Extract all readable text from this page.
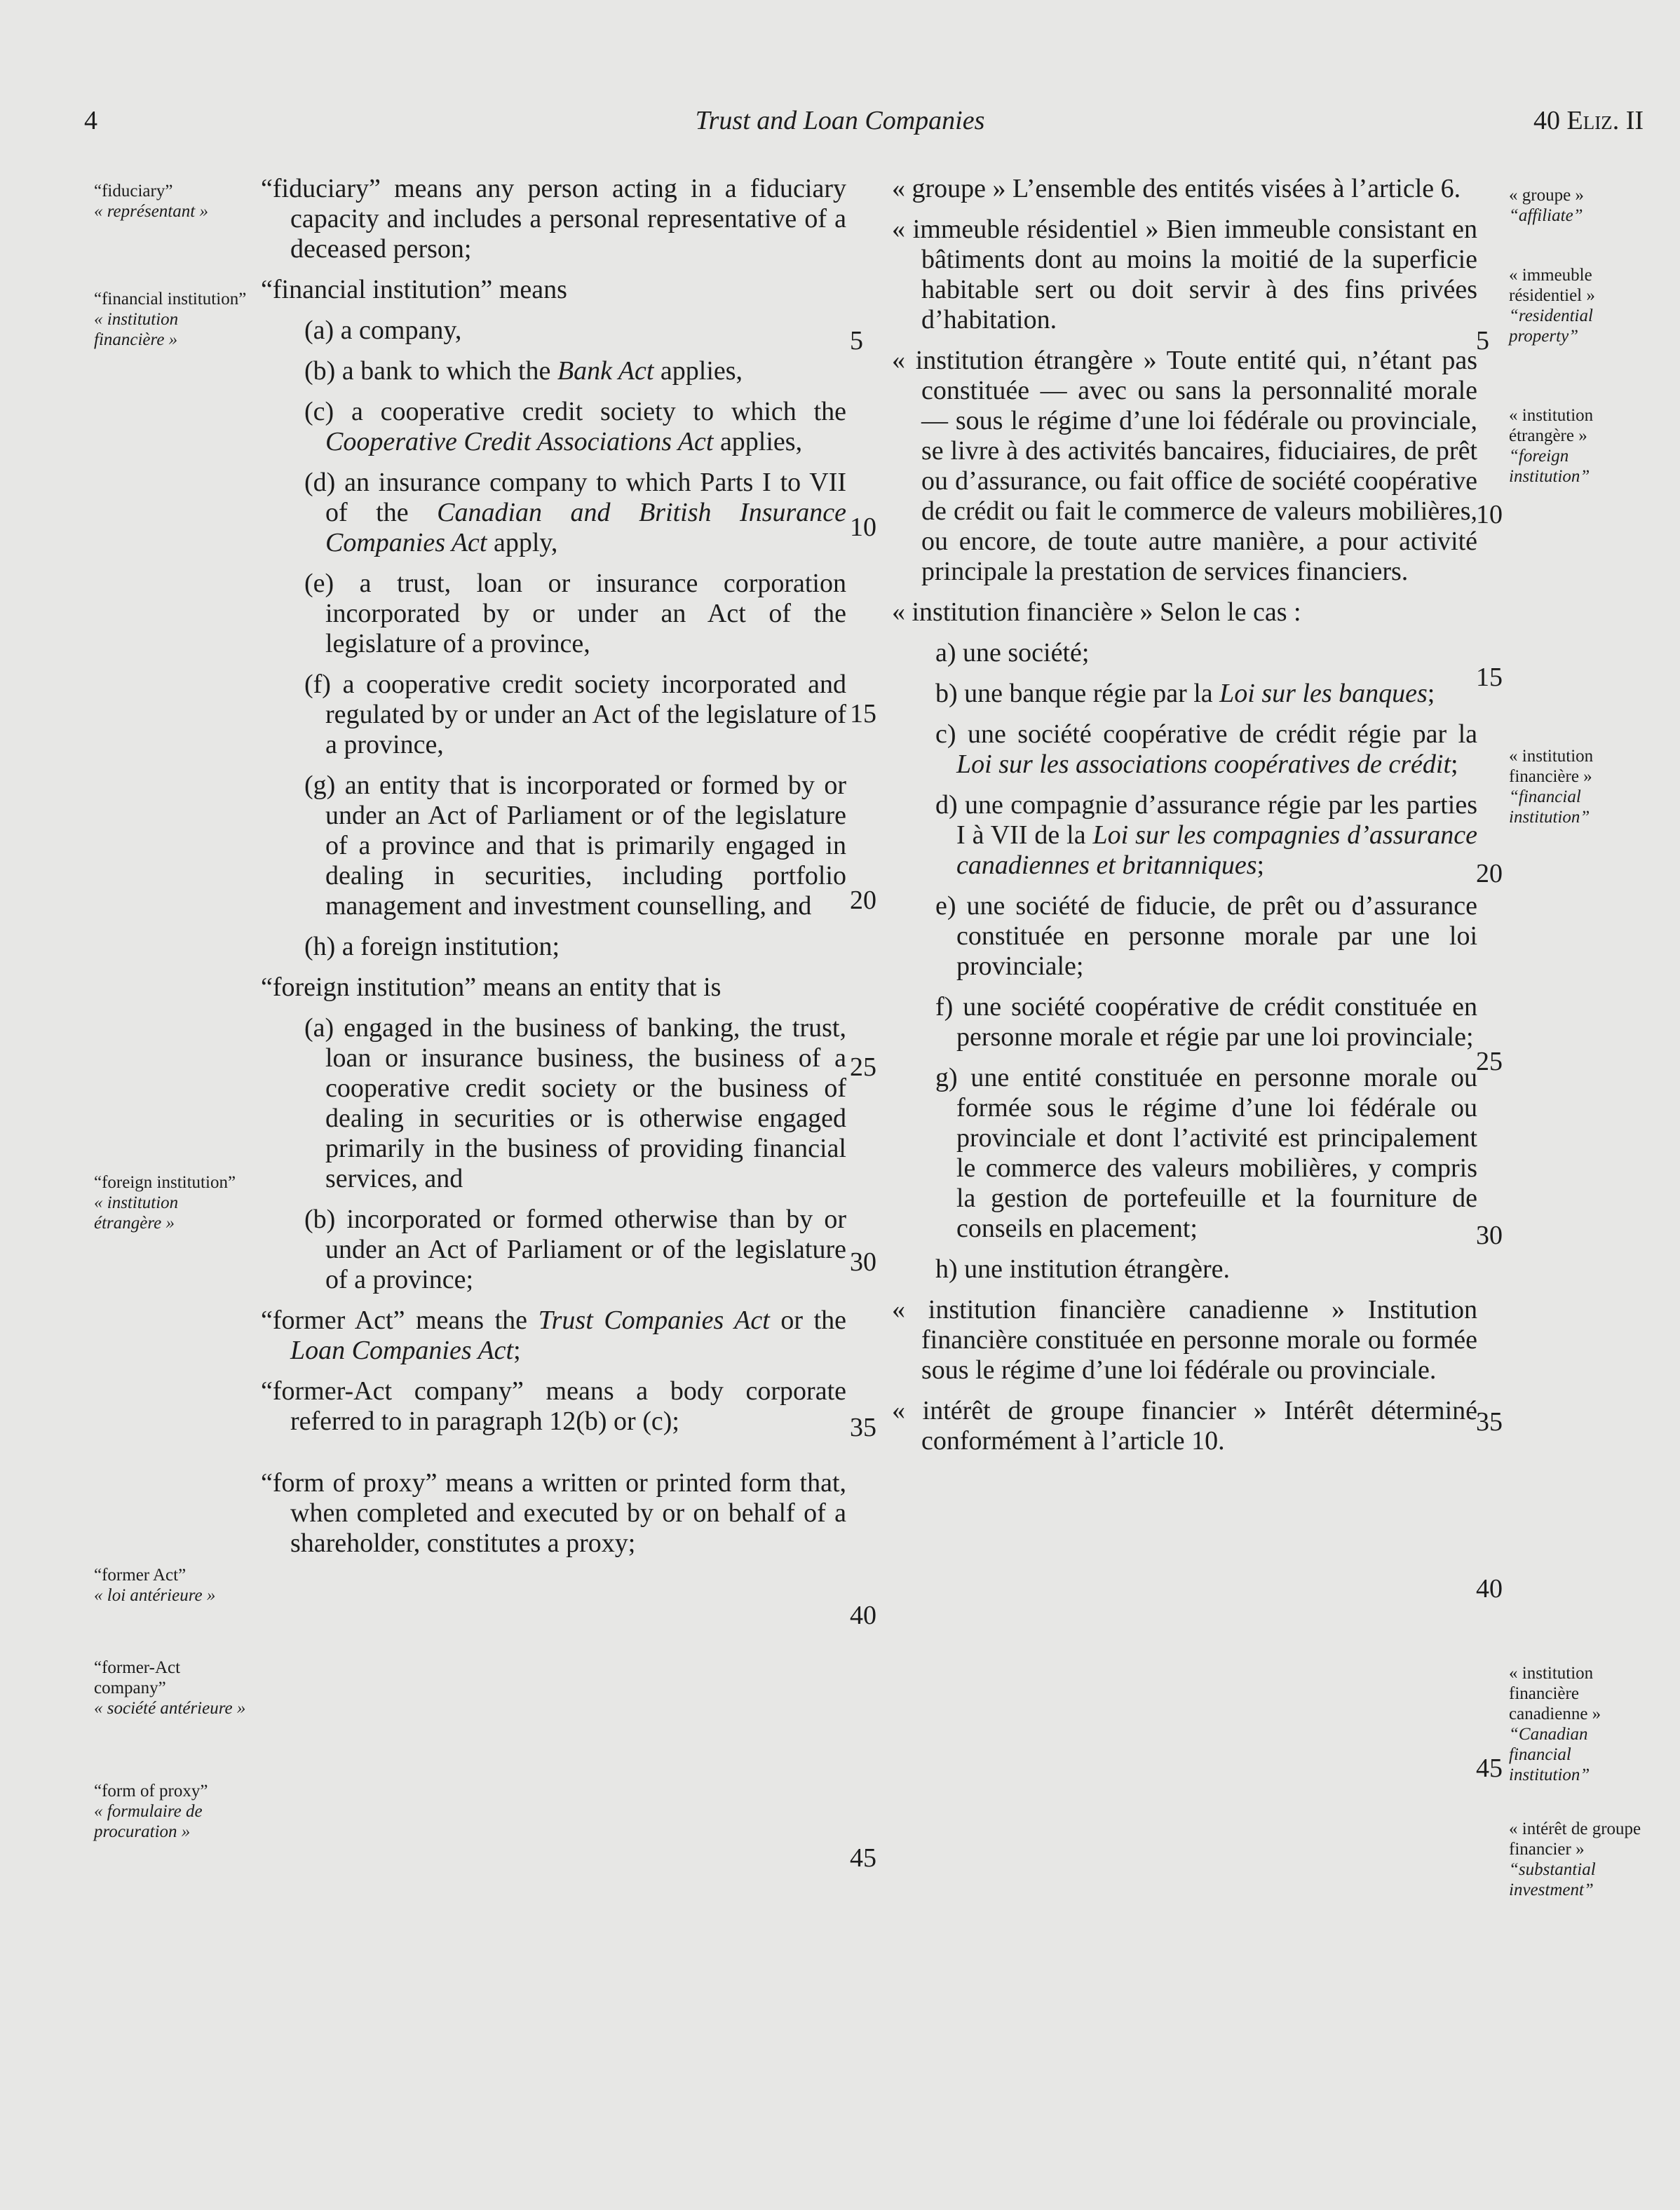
4	Trust and Loan Companies	40 Eliz. II

“fiduciary” means any person acting in a fiduciary capacity and includes a personal representative of a deceased person;

“financial institution” means

(a) a company,

(b) a bank to which the Bank Act applies,

(c) a cooperative credit society to which the Cooperative Credit Associations Act applies,

(d) an insurance company to which Parts I to VII of the Canadian and British Insurance Companies Act apply,

(e) a trust, loan or insurance corporation incorporated by or under an Act of the legislature of a province,

(f) a cooperative credit society incorporated and regulated by or under an Act of the legislature of a province,

(g) an entity that is incorporated or formed by or under an Act of Parliament or of the legislature of a province and that is primarily engaged in dealing in securities, including portfolio management and investment counselling, and

(h) a foreign institution;

“foreign institution” means an entity that is

(a) engaged in the business of banking, the trust, loan or insurance business, the business of a cooperative credit society or the business of dealing in securities or is otherwise engaged primarily in the business of providing financial services, and

(b) incorporated or formed otherwise than by or under an Act of Parliament or of the legislature of a province;

“former Act” means the Trust Companies Act or the Loan Companies Act;

“former-Act company” means a body corporate referred to in paragraph 12(b) or (c);

“form of proxy” means a written or printed form that, when completed and executed by or on behalf of a shareholder, constitutes a proxy;

« groupe » L’ensemble des entités visées à l’article 6.

« immeuble résidentiel » Bien immeuble consistant en bâtiments dont au moins la moitié de la superficie habitable sert ou doit servir à des fins privées d’habitation.

« institution étrangère » Toute entité qui, n’étant pas constituée — avec ou sans la personnalité morale — sous le régime d’une loi fédérale ou provinciale, se livre à des activités bancaires, fiduciaires, de prêt ou d’assurance, ou fait office de société coopérative de crédit ou fait le commerce de valeurs mobilières, ou encore, de toute autre manière, a pour activité principale la prestation de services financiers.

« institution financière » Selon le cas :

a) une société;

b) une banque régie par la Loi sur les banques;

c) une société coopérative de crédit régie par la Loi sur les associations coopératives de crédit;

d) une compagnie d’assurance régie par les parties I à VII de la Loi sur les compagnies d’assurance canadiennes et britanniques;

e) une société de fiducie, de prêt ou d’assurance constituée en personne morale par une loi provinciale;

f) une société coopérative de crédit constituée en personne morale et régie par une loi provinciale;

g) une entité constituée en personne morale ou formée sous le régime d’une loi fédérale ou provinciale et dont l’activité est principalement le commerce des valeurs mobilières, y compris la gestion de portefeuille et la fourniture de conseils en placement;

h) une institution étrangère.

« institution financière canadienne » Institution financière constituée en personne morale ou formée sous le régime d’une loi fédérale ou provinciale.

« intérêt de groupe financier » Intérêt déterminé conformément à l’article 10.

5
10
15
20
25
30
35
40
45
5
10
15
20
25
30
35
40
45
“fiduciary”
« représentant »
“financial institution”
« institution financière »
“foreign institution”
« institution étrangère »
“former Act”
« loi antérieure »
“former-Act company”
« société antérieure »
“form of proxy”
« formulaire de procuration »
« groupe »
“affiliate”
« immeuble résidentiel »
“residential property”
« institution étrangère »
“foreign institution”
« institution financière »
“financial institution”
« institution financière canadienne »
“Canadian financial institution”
« intérêt de groupe financier »
“substantial investment”
